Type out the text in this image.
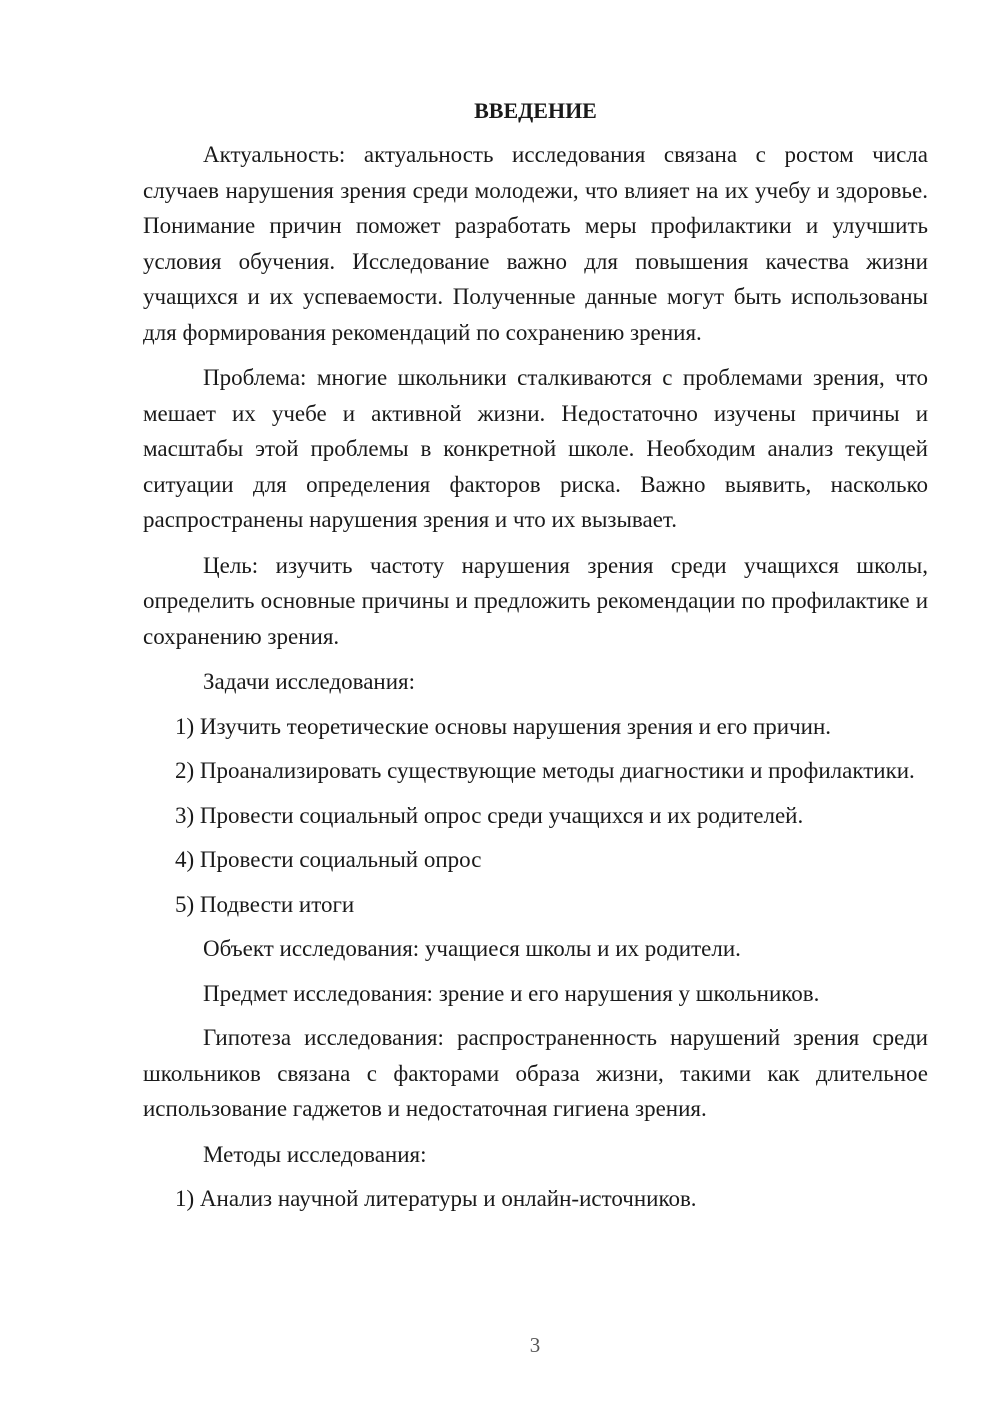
ВВЕДЕНИЕ

Актуальность: актуальность исследования связана с ростом числа случаев нарушения зрения среди молодежи, что влияет на их учебу и здоровье. Понимание причин поможет разработать меры профилактики и улучшить условия обучения. Исследование важно для повышения качества жизни учащихся и их успеваемости. Полученные данные могут быть использованы для формирования рекомендаций по сохранению зрения.

Проблема: многие школьники сталкиваются с проблемами зрения, что мешает их учебе и активной жизни. Недостаточно изучены причины и масштабы этой проблемы в конкретной школе. Необходим анализ текущей ситуации для определения факторов риска. Важно выявить, насколько распространены нарушения зрения и что их вызывает.

Цель: изучить частоту нарушения зрения среди учащихся школы, определить основные причины и предложить рекомендации по профилактике и сохранению зрения.

Задачи исследования:

1) Изучить теоретические основы нарушения зрения и его причин.

2) Проанализировать существующие методы диагностики и профилактики.

3) Провести социальный опрос среди учащихся и их родителей.

4) Провести социальный опрос

5) Подвести итоги

Объект исследования: учащиеся школы и их родители.

Предмет исследования: зрение и его нарушения у школьников.

Гипотеза исследования: распространенность нарушений зрения среди школьников связана с факторами образа жизни, такими как длительное использование гаджетов и недостаточная гигиена зрения.

Методы исследования:

1) Анализ научной литературы и онлайн-источников.

3
